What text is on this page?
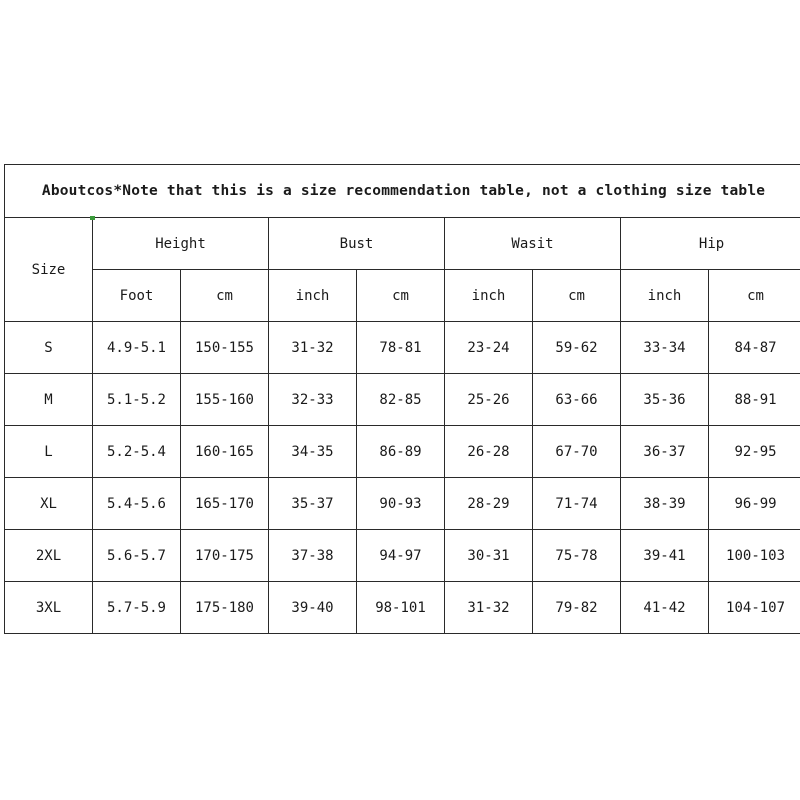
Aboutcos*Note that this is a size recommendation table, not a clothing size table								
Size	Height		Bust		Wasit		Hip	
	Foot	cm	inch	cm	inch	cm	inch	cm
S	4.9-5.1	150-155	31-32	78-81	23-24	59-62	33-34	84-87
M	5.1-5.2	155-160	32-33	82-85	25-26	63-66	35-36	88-91
L	5.2-5.4	160-165	34-35	86-89	26-28	67-70	36-37	92-95
XL	5.4-5.6	165-170	35-37	90-93	28-29	71-74	38-39	96-99
2XL	5.6-5.7	170-175	37-38	94-97	30-31	75-78	39-41	100-103
3XL	5.7-5.9	175-180	39-40	98-101	31-32	79-82	41-42	104-107
